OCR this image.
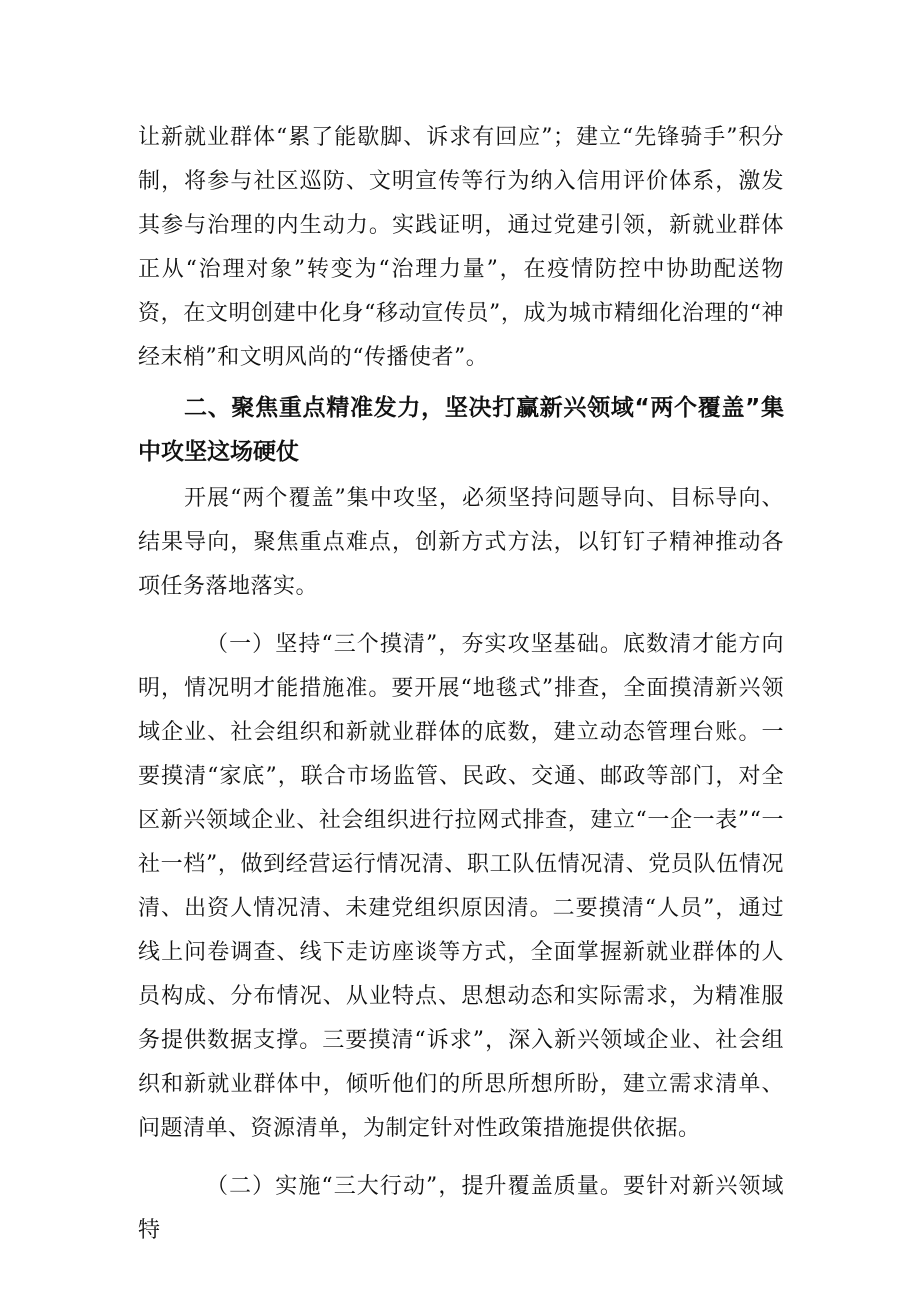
让新就业群体“累了能歇脚、诉求有回应”；建立“先锋骑手”积分制，将参与社区巡防、文明宣传等行为纳入信用评价体系，激发其参与治理的内生动力。实践证明，通过党建引领，新就业群体正从“治理对象”转变为“治理力量”，在疫情防控中协助配送物资，在文明创建中化身“移动宣传员”，成为城市精细化治理的“神经末梢”和文明风尚的“传播使者”。

二、聚焦重点精准发力，坚决打赢新兴领域“两个覆盖”集中攻坚这场硬仗

开展“两个覆盖”集中攻坚，必须坚持问题导向、目标导向、结果导向，聚焦重点难点，创新方式方法，以钉钉子精神推动各项任务落地落实。

（一）坚持“三个摸清”，夯实攻坚基础。底数清才能方向明，情况明才能措施准。要开展“地毯式”排查，全面摸清新兴领域企业、社会组织和新就业群体的底数，建立动态管理台账。一要摸清“家底”，联合市场监管、民政、交通、邮政等部门，对全区新兴领域企业、社会组织进行拉网式排查，建立“一企一表”“一社一档”，做到经营运行情况清、职工队伍情况清、党员队伍情况清、出资人情况清、未建党组织原因清。二要摸清“人员”，通过线上问卷调查、线下走访座谈等方式，全面掌握新就业群体的人员构成、分布情况、从业特点、思想动态和实际需求，为精准服务提供数据支撑。三要摸清“诉求”，深入新兴领域企业、社会组织和新就业群体中，倾听他们的所思所想所盼，建立需求清单、问题清单、资源清单，为制定针对性政策措施提供依据。

（二）实施“三大行动”，提升覆盖质量。要针对新兴领域特
